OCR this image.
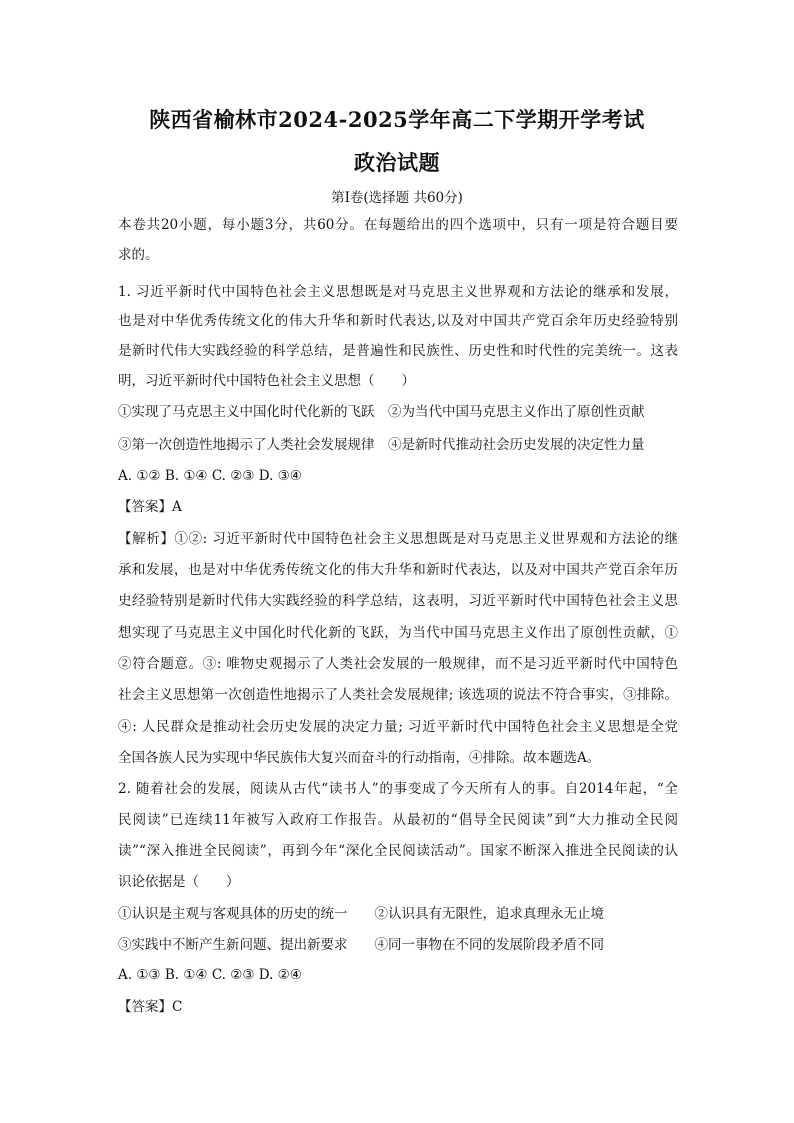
陕西省榆林市2024-2025学年高二下学期开学考试
政治试题
第Ⅰ卷(选择题 共60分)
本卷共20小题，每小题3分，共60分。在每题给出的四个选项中，只有一项是符合题目要
求的。
1. 习近平新时代中国特色社会主义思想既是对马克思主义世界观和方法论的继承和发展，
也是对中华优秀传统文化的伟大升华和新时代表达,以及对中国共产党百余年历史经验特别
是新时代伟大实践经验的科学总结，是普遍性和民族性、历史性和时代性的完美统一。这表
明，习近平新时代中国特色社会主义思想（　　）
①实现了马克思主义中国化时代化新的飞跃　②为当代中国马克思主义作出了原创性贡献
③第一次创造性地揭示了人类社会发展规律　④是新时代推动社会历史发展的决定性力量
A. ①② B. ①④ C. ②③ D. ③④
【答案】A
【解析】①②: 习近平新时代中国特色社会主义思想既是对马克思主义世界观和方法论的继
承和发展，也是对中华优秀传统文化的伟大升华和新时代表达，以及对中国共产党百余年历
史经验特别是新时代伟大实践经验的科学总结，这表明，习近平新时代中国特色社会主义思
想实现了马克思主义中国化时代化新的飞跃，为当代中国马克思主义作出了原创性贡献，①
②符合题意。③: 唯物史观揭示了人类社会发展的一般规律，而不是习近平新时代中国特色
社会主义思想第一次创造性地揭示了人类社会发展规律; 该选项的说法不符合事实，③排除。
④: 人民群众是推动社会历史发展的决定力量; 习近平新时代中国特色社会主义思想是全党
全国各族人民为实现中华民族伟大复兴而奋斗的行动指南，④排除。故本题选A。
2. 随着社会的发展，阅读从古代“读书人”的事变成了今天所有人的事。自2014年起，“全
民阅读”已连续11年被写入政府工作报告。从最初的“倡导全民阅读”到“大力推动全民阅
读”“深入推进全民阅读”，再到今年“深化全民阅读活动”。国家不断深入推进全民阅读的认
识论依据是（　　）
①认识是主观与客观具体的历史的统一　　②认识具有无限性，追求真理永无止境
③实践中不断产生新问题、提出新要求　　④同一事物在不同的发展阶段矛盾不同
A. ①③ B. ①④ C. ②③ D. ②④
【答案】C
